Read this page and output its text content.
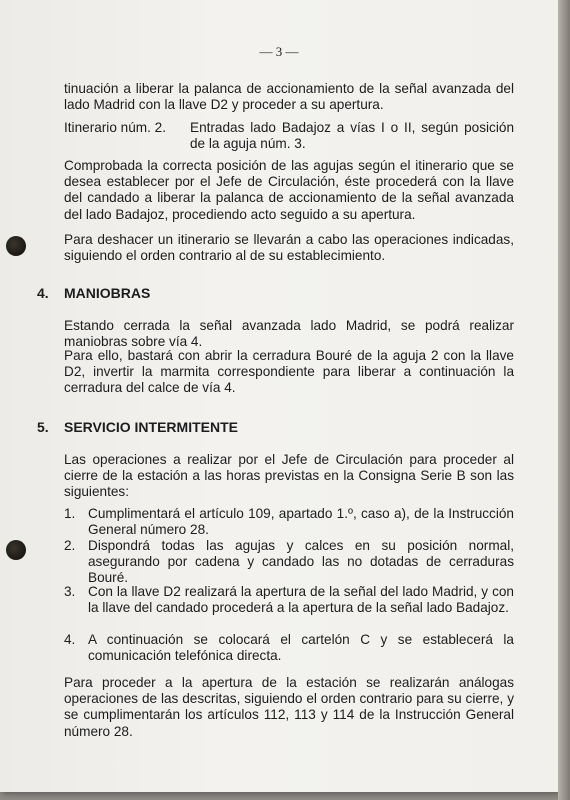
— 3 —
tinuación a liberar la palanca de accionamiento de la señal avanzada del lado Madrid con la llave D2 y proceder a su apertura.
Itinerario núm. 2. Entradas lado Badajoz a vías I o II, según posición de la aguja núm. 3.
Comprobada la correcta posición de las agujas según el itinerario que se desea establecer por el Jefe de Circulación, éste procederá con la llave del candado a liberar la palanca de accionamiento de la señal avanzada del lado Badajoz, procediendo acto seguido a su apertura.
Para deshacer un itinerario se llevarán a cabo las operaciones indicadas, siguiendo el orden contrario al de su establecimiento.
4. MANIOBRAS
Estando cerrada la señal avanzada lado Madrid, se podrá realizar maniobras sobre vía 4.
Para ello, bastará con abrir la cerradura Bouré de la aguja 2 con la llave D2, invertir la marmita correspondiente para liberar a continuación la cerradura del calce de vía 4.
5. SERVICIO INTERMITENTE
Las operaciones a realizar por el Jefe de Circulación para proceder al cierre de la estación a las horas previstas en la Consigna Serie B son las siguientes:
1. Cumplimentará el artículo 109, apartado 1.º, caso a), de la Instrucción General número 28.
2. Dispondrá todas las agujas y calces en su posición normal, asegurando por cadena y candado las no dotadas de cerraduras Bouré.
3. Con la llave D2 realizará la apertura de la señal del lado Madrid, y con la llave del candado procederá a la apertura de la señal lado Badajoz.
4. A continuación se colocará el cartelón C y se establecerá la comunicación telefónica directa.
Para proceder a la apertura de la estación se realizarán análogas operaciones de las descritas, siguiendo el orden contrario para su cierre, y se cumplimentarán los artículos 112, 113 y 114 de la Instrucción General número 28.
